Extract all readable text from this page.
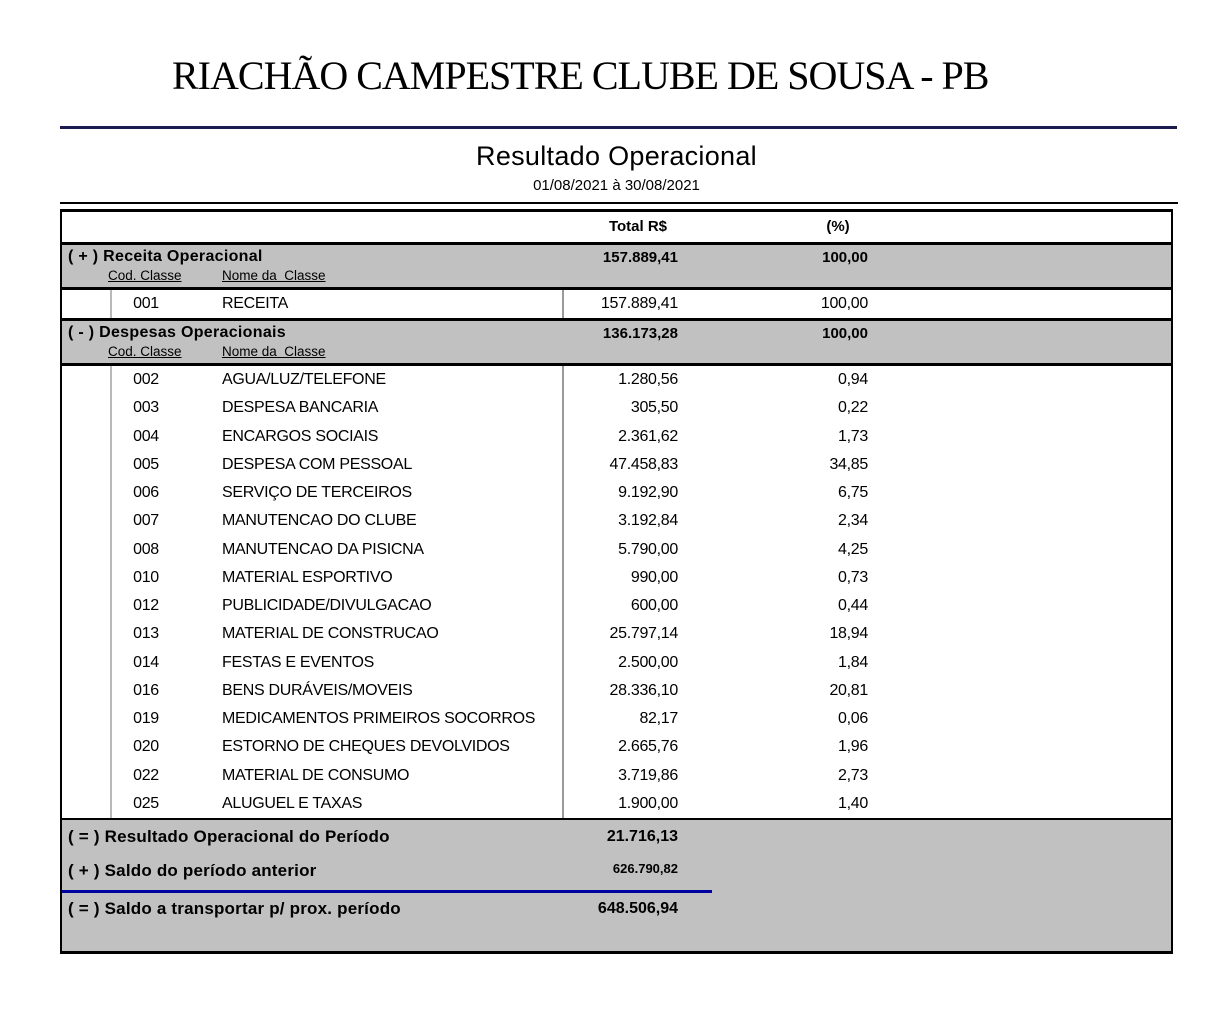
RIACHÃO CAMPESTRE CLUBE DE SOUSA - PB
Resultado Operacional
01/08/2021 à 30/08/2021
Total R$	(%)
( + ) Receita Operacional	157.889,41	100,00
Cod. Classe	Nome da  Classe
001	RECEITA	157.889,41	100,00
( - ) Despesas Operacionais	136.173,28	100,00
Cod. Classe	Nome da  Classe
002	AGUA/LUZ/TELEFONE	1.280,56	0,94
003	DESPESA BANCARIA	305,50	0,22
004	ENCARGOS SOCIAIS	2.361,62	1,73
005	DESPESA COM PESSOAL	47.458,83	34,85
006	SERVIÇO DE TERCEIROS	9.192,90	6,75
007	MANUTENCAO DO CLUBE	3.192,84	2,34
008	MANUTENCAO DA PISICNA	5.790,00	4,25
010	MATERIAL ESPORTIVO	990,00	0,73
012	PUBLICIDADE/DIVULGACAO	600,00	0,44
013	MATERIAL DE CONSTRUCAO	25.797,14	18,94
014	FESTAS E EVENTOS	2.500,00	1,84
016	BENS DURÁVEIS/MOVEIS	28.336,10	20,81
019	MEDICAMENTOS PRIMEIROS SOCORROS	82,17	0,06
020	ESTORNO DE CHEQUES DEVOLVIDOS	2.665,76	1,96
022	MATERIAL DE CONSUMO	3.719,86	2,73
025	ALUGUEL E TAXAS	1.900,00	1,40
( = ) Resultado Operacional do Período	21.716,13
( + ) Saldo do período anterior	626.790,82
( = ) Saldo a transportar p/ prox. período	648.506,94
